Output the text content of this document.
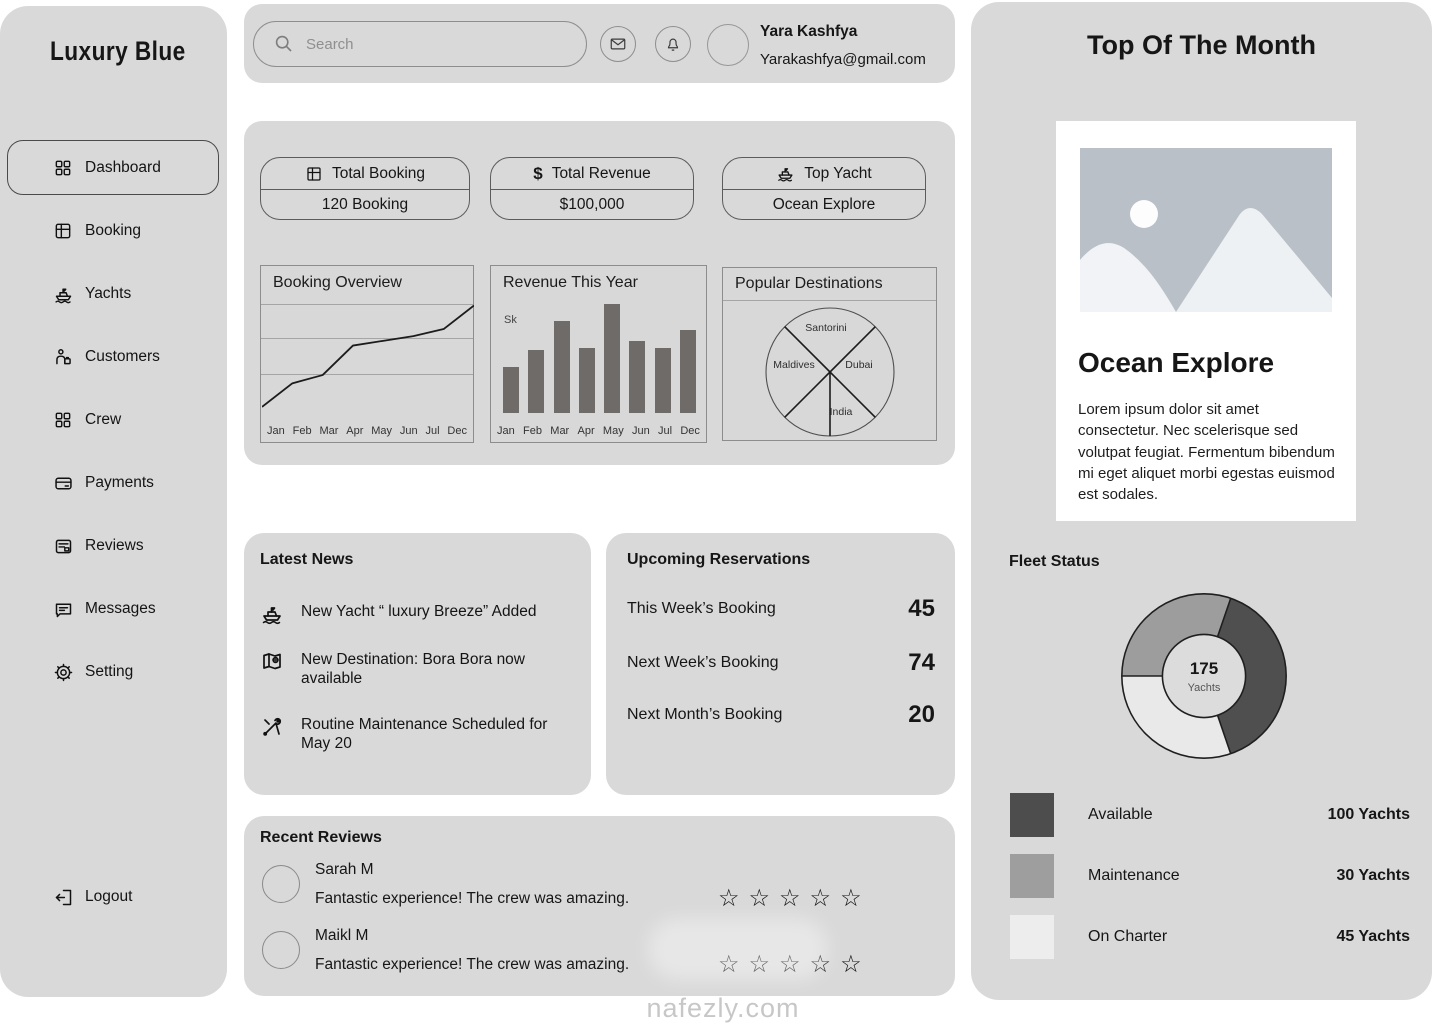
Luxury Blue
Dashboard
Booking
Yachts
Customers
Crew
Payments
Reviews
Messages
Setting
Logout
Search
Yara Kashfya
Yarakashfya@gmail.com
Total Booking
120 Booking
$ Total Revenue
$100,000
Top Yacht
Ocean Explore
Booking Overview
Jan Feb Mar Apr May Jun Jul Dec
Revenue This Year
Sk
Jan Feb Mar Apr May Jun Jul Dec
Popular Destinations
Santorini
Dubai
India
Maldives
Latest News
New Yacht “ luxury Breeze” Added
New Destination: Bora Bora now available
Routine Maintenance Scheduled for May 20
Upcoming Reservations
This Week’s Booking	45
Next Week’s Booking	74
Next Month’s Booking	20
Recent Reviews
Sarah M
Fantastic experience! The crew was amazing.	☆☆☆☆☆
Maikl M
Fantastic experience! The crew was amazing.	☆☆☆☆☆
Top Of The Month
Ocean Explore
Lorem ipsum dolor sit amet consectetur. Nec scelerisque sed volutpat feugiat. Fermentum bibendum mi eget aliquet morbi egestas euismod est sodales.
Fleet Status
175
Yachts
Available	100 Yachts
Maintenance	30 Yachts
On Charter	45 Yachts
nafezly.com
